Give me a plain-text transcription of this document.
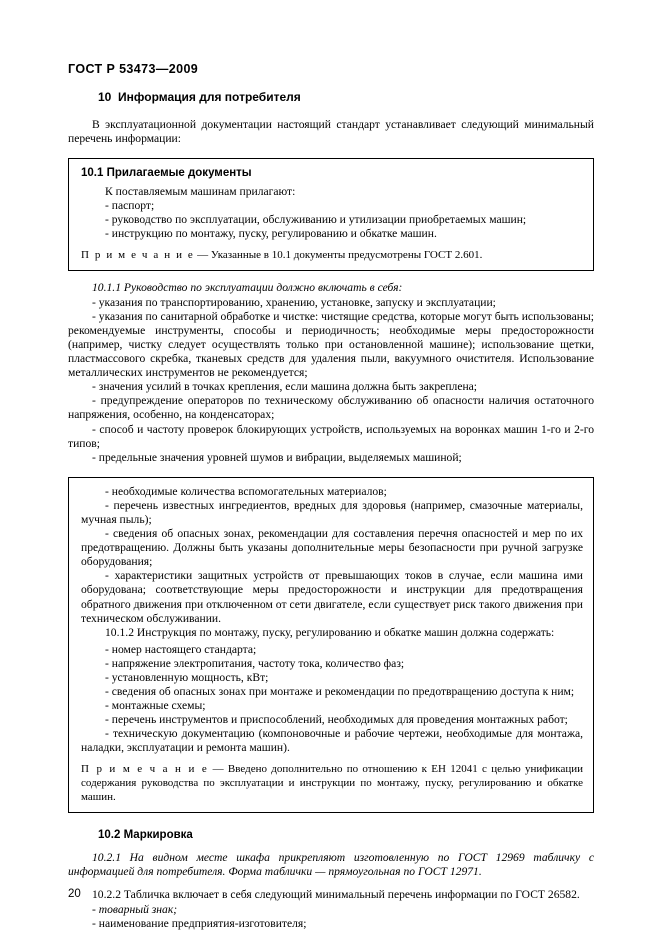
ГОСТ Р 53473—2009
10 Информация для потребителя

В эксплуатационной документации настоящий стандарт устанавливает следующий минимальный перечень информации:

10.1 Прилагаемые документы

К поставляемым машинам прилагают:

- паспорт;

- руководство по эксплуатации, обслуживанию и утилизации приобретаемых машин;

- инструкцию по монтажу, пуску, регулированию и обкатке машин.

П р и м е ч а н и е — Указанные в 10.1 документы предусмотрены ГОСТ 2.601.

10.1.1 Руководство по эксплуатации должно включать в себя:

- указания по транспортированию, хранению, установке, запуску и эксплуатации;

- указания по санитарной обработке и чистке: чистящие средства, которые могут быть использованы; рекомендуемые инструменты, способы и периодичность; необходимые меры предосторожности (например, чистку следует осуществлять только при остановленной машине); использование щетки, пластмассового скребка, тканевых средств для удаления пыли, вакуумного очистителя. Использование металлических инструментов не рекомендуется;

- значения усилий в точках крепления, если машина должна быть закреплена;

- предупреждение операторов по техническому обслуживанию об опасности наличия остаточного напряжения, особенно, на конденсаторах;

- способ и частоту проверок блокирующих устройств, используемых на воронках машин 1-го и 2-го типов;

- предельные значения уровней шумов и вибрации, выделяемых машиной;

- необходимые количества вспомогательных материалов;

- перечень известных ингредиентов, вредных для здоровья (например, смазочные материалы, мучная пыль);

- сведения об опасных зонах, рекомендации для составления перечня опасностей и мер по их предотвращению. Должны быть указаны дополнительные меры безопасности при ручной загрузке оборудования;

- характеристики защитных устройств от превышающих токов в случае, если машина ими оборудована; соответствующие меры предосторожности и инструкции для предотвращения обратного движения при отключенном от сети двигателе, если существует риск такого движения при техническом обслуживании.

10.1.2 Инструкция по монтажу, пуску, регулированию и обкатке машин должна содержать:

- номер настоящего стандарта;

- напряжение электропитания, частоту тока, количество фаз;

- установленную мощность, кВт;

- сведения об опасных зонах при монтаже и рекомендации по предотвращению доступа к ним;

- монтажные схемы;

- перечень инструментов и приспособлений, необходимых для проведения монтажных работ;

- техническую документацию (компоновочные и рабочие чертежи, необходимые для монтажа, наладки, эксплуатации и ремонта машин).

П р и м е ч а н и е — Введено дополнительно по отношению к ЕН 12041 с целью унификации содержания руководства по эксплуатации и инструкции по монтажу, пуску, регулированию и обкатке машин.
10.2 Маркировка

10.2.1 На видном месте шкафа прикрепляют изготовленную по ГОСТ 12969 табличку с информацией для потребителя. Форма таблички — прямоугольная по ГОСТ 12971.

10.2.2 Табличка включает в себя следующий минимальный перечень информации по ГОСТ 26582.

- товарный знак;

- наименование предприятия-изготовителя;

20
